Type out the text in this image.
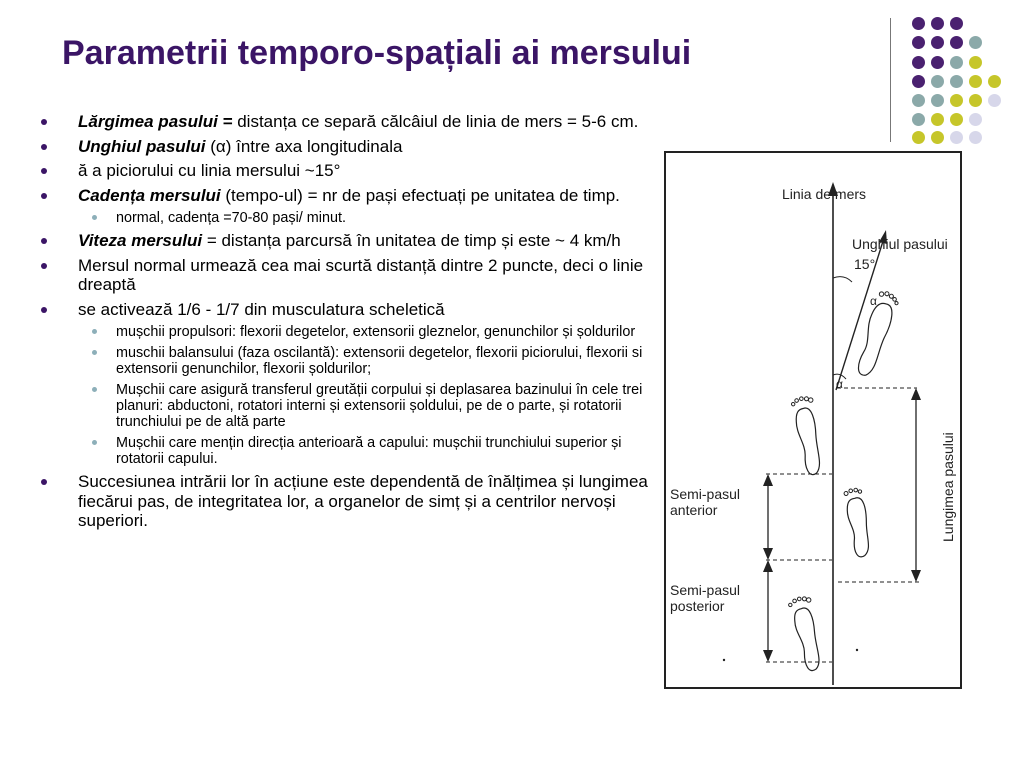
Parametrii temporo-spațiali ai mersului

Lărgimea pasului = distanța ce separă călcâiul de linia de mers = 5-6 cm.

Unghiul pasului (α) între axa longitudinala

ă a piciorului cu linia mersului ~15°

Cadența mersului (tempo-ul) = nr de pași efectuați pe unitatea de timp.

normal, cadența =70-80 pași/ minut.

Viteza mersului = distanța parcursă în unitatea de timp și este ~ 4 km/h

Mersul normal urmează cea mai scurtă distanță dintre 2 puncte, deci o linie dreaptă

se activează 1/6 - 1/7 din musculatura scheletică

mușchii propulsori: flexorii degetelor, extensorii gleznelor, genunchilor și șoldurilor

muschii balansului (faza oscilantă): extensorii degetelor, flexorii piciorului, flexorii si extensorii genunchilor, flexorii șoldurilor;

Mușchii care asigură transferul greutății corpului și deplasarea bazinului în cele trei planuri: abductoni, rotatori interni și extensorii șoldului, pe de o parte, și rotatorii trunchiului pe de altă parte

Mușchii care mențin direcția anterioară a capului: mușchii trunchiului superior și rotatorii capului.

Succesiunea intrării lor în acțiune este dependentă de înălțimea și lungimea fiecărui pas, de integritatea lor, a organelor de simț și a centrilor nervoși superiori.

Linia de mers
Unghiul pasului
15°
α
α
Lungimea pasului
Semi-pasul anterior
Semi-pasul posterior
